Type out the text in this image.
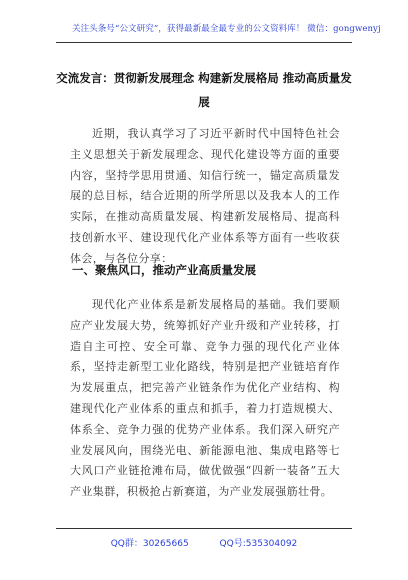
关注头条号“公文研究”，获得最新最全最专业的公文资料库！ 微信：gongwenyj
交流发言：贯彻新发展理念 构建新发展格局 推动高质量发展

近期，我认真学习了习近平新时代中国特色社会主义思想关于新发展理念、现代化建设等方面的重要内容，坚持学思用贯通、知信行统一，锚定高质量发展的总目标，结合近期的所学所思以及我本人的工作实际，在推动高质量发展、构建新发展格局、提高科技创新水平、建设现代化产业体系等方面有一些收获体会，与各位分享：

一、聚焦风口，推动产业高质量发展

现代化产业体系是新发展格局的基础。我们要顺应产业发展大势，统筹抓好产业升级和产业转移，打造自主可控、安全可靠、竞争力强的现代化产业体系，坚持走新型工业化路线，特别是把产业链培育作为发展重点，把完善产业链条作为优化产业结构、构建现代化产业体系的重点和抓手，着力打造规模大、体系全、竞争力强的优势产业体系。我们深入研究产业发展风向，围绕光电、新能源电池、集成电路等七大风口产业链抢滩布局，做优做强“四新一装备”五大产业集群，积极抢占新赛道，为产业发展强筋壮骨。

QQ群：30265665	QQ号:535304092
